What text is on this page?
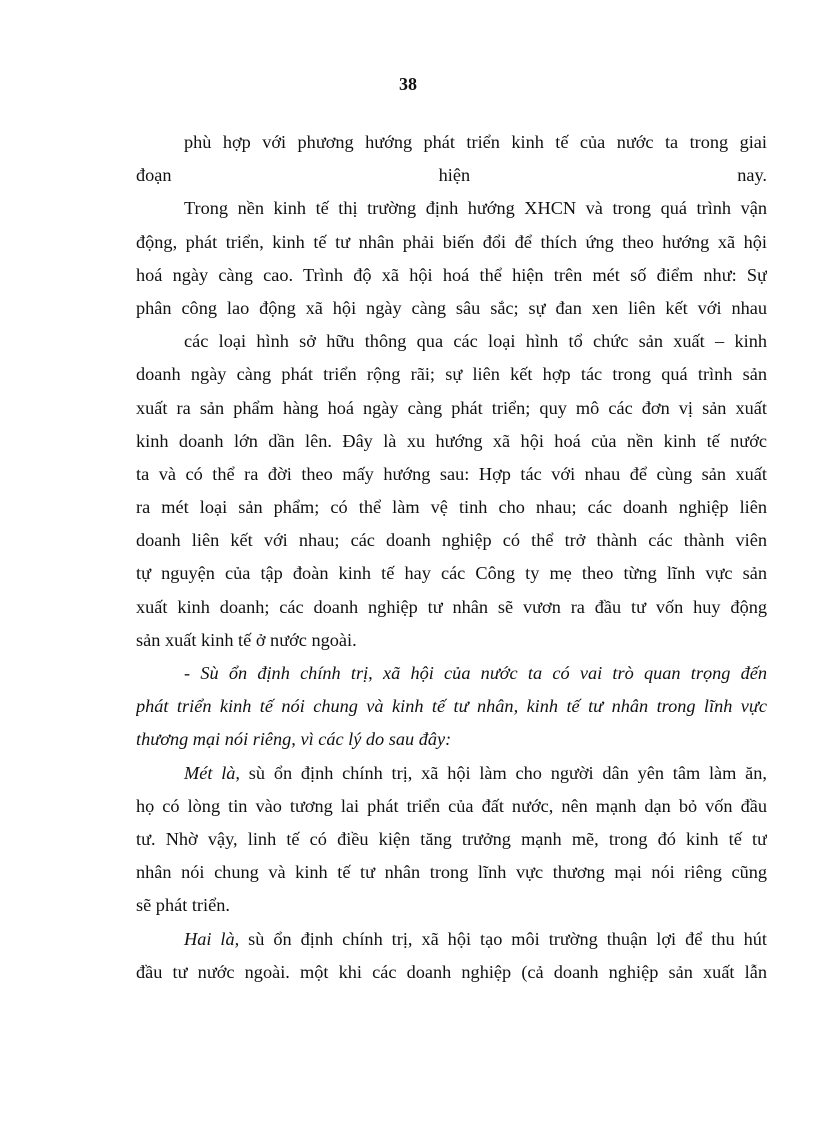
38
phù hợp với phương hướng phát triển kinh tế của nước ta trong giai
đoạn                                    hiện                                    nay.
Trong nền kinh tế thị trường định hướng XHCN và trong quá trình vận
động, phát triển, kinh tế tư nhân phải biến đổi để thích ứng theo hướng xã hội
hoá ngày càng cao. Trình độ xã hội hoá thể hiện trên mét số điểm như: Sự
phân công lao động xã hội ngày càng sâu sắc; sự đan xen liên kết với nhau
các loại hình sở hữu thông qua các loại hình tổ chức sản xuất – kinh
doanh ngày càng phát triển rộng rãi; sự liên kết hợp tác trong quá trình sản
xuất ra sản phẩm hàng hoá ngày càng phát triển; quy mô các đơn vị sản xuất
kinh doanh lớn dần lên. Đây là xu hướng xã hội hoá của nền kinh tế nước
ta và có thể ra đời theo mấy hướng sau: Hợp tác với nhau để cùng sản xuất
ra mét loại sản phẩm; có thể làm vệ tinh cho nhau; các doanh nghiệp liên
doanh liên kết với nhau; các doanh nghiệp có thể trở thành các thành viên
tự nguyện của tập đoàn kinh tế hay các Công ty mẹ theo từng lĩnh vực sản
xuất kinh doanh; các doanh nghiệp tư nhân sẽ vươn ra đầu tư vốn huy động
sản xuất kinh tế ở nước ngoài.
- Sù ổn định chính trị, xã hội của nước ta có vai trò quan trọng đến
phát triển kinh tế nói chung và kinh tế tư nhân, kinh tế tư nhân trong lĩnh vực
thương mại nói riêng, vì các lý do sau đây:
Mét là, sù ổn định chính trị, xã hội làm cho người dân yên tâm làm ăn,
họ có lòng tin vào tương lai phát triển của đất nước, nên mạnh dạn bỏ vốn đầu
tư. Nhờ vậy, linh tế có điều kiện tăng trưởng mạnh mẽ, trong đó kinh tế tư
nhân nói chung và kinh tế tư nhân trong lĩnh vực thương mại nói riêng cũng
sẽ phát triển.
Hai là, sù ổn định chính trị, xã hội tạo môi trường thuận lợi để thu hút
đầu tư nước ngoài. một khi các doanh nghiệp (cả doanh nghiệp sản xuất lẫn
